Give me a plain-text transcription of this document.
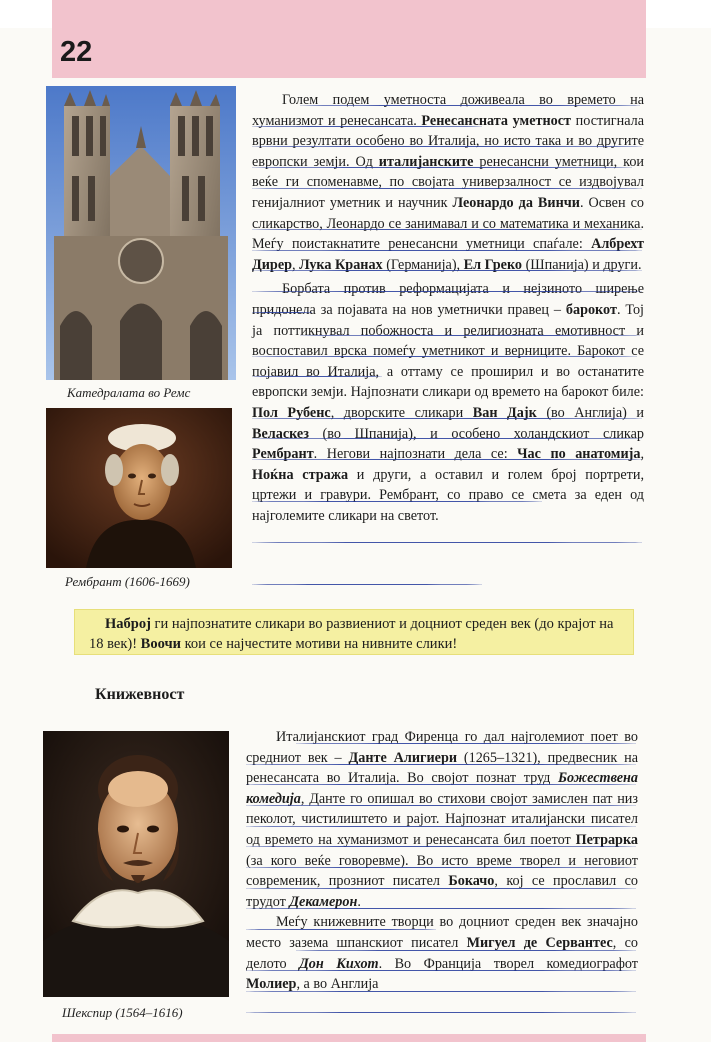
22
Катедралата во Ремс
Рембрант (1606-1669)
Шекспир (1564–1616)

Голем подем уметноста доживеала во времето на хуманизмот и ренесансата. Ренесансната уметност постигнала врвни резултати особено во Италија, но исто така и во другите европски земји. Од италијанските ренесансни уметници, кои веќе ги споменавме, по својата универзалност се издвојувал генијалниот уметник и научник Леонардо да Винчи. Освен со сликарство, Леонардо се занимавал и со математика и механика. Меѓу поистакнатите ренесансни уметници спаѓале: Албрехт Дирер, Лука Кранах (Германија), Ел Греко (Шпанија) и други.

Борбата против реформацијата и нејзиното ширење придонела за појавата на нов уметнички правец – барокот. Тој ја поттикнувал побожноста и религиозната емотивност и воспоставил врска помеѓу уметникот и верниците. Барокот се појавил во Италија, а оттаму се проширил и во останатите европски земји. Најпознати сликари од времето на барокот биле: Пол Рубенс, дворските сликари Ван Дајк (во Англија) и Веласкез (во Шпанија), и особено холандскиот сликар Рембрант. Негови најпознати дела се: Час по анатомија, Ноќна стража и други, а оставил и голем број портрети, цртежи и гравури. Рембрант, со право се смета за еден од најголемите сликари на светот.

Наброј ги најпознатите сликари во развиениот и доцниот среден век (до крајот на 18 век)! Воочи кои се најчестите мотиви на нивните слики!

Книжевност

Италијанскиот град Фиренца го дал најголемиот поет во средниот век – Данте Алигиери (1265–1321), предвесник на ренесансата во Италија. Во својот познат труд Божествена комедија, Данте го опишал во стихови својот замислен пат низ пеколот, чистилиштето и рајот. Најпознат италијански писател од времето на хуманизмот и ренесансата бил поетот Петрарка (за кого веќе говоревме). Во исто време творел и неговиот современик, прозниот писател Бокачо, кој се прославил со трудот Декамерон.

Меѓу книжевните творци во доцниот среден век значајно место зазема шпанскиот писател Мигуел де Сервантес, со делото Дон Кихот. Во Франција творел комедиографот Молиер, а во Англија
